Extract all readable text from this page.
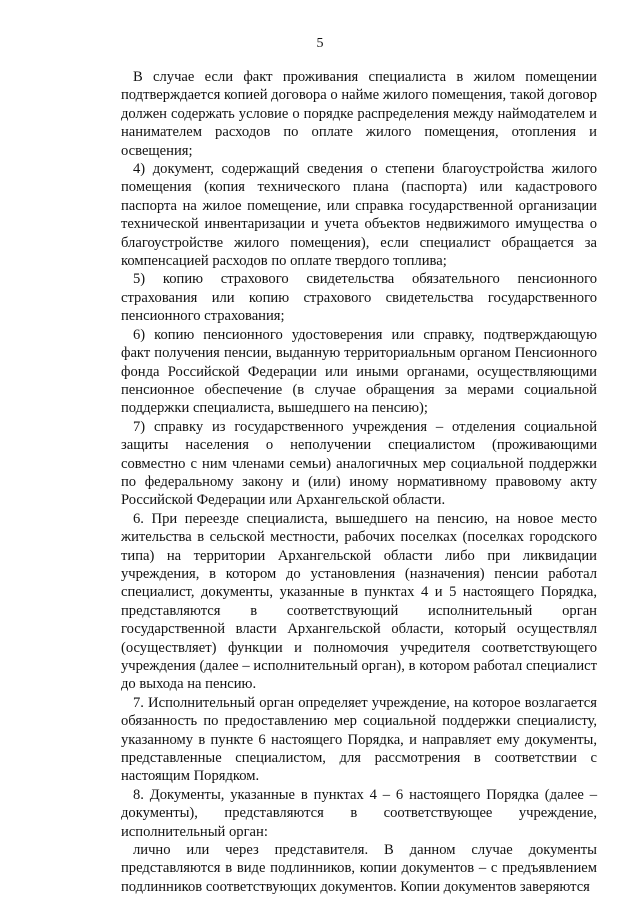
5

В случае если факт проживания специалиста в жилом помещении подтверждается копией договора о найме жилого помещения, такой договор должен содержать условие о порядке распределения между наймодателем и нанимателем расходов по оплате жилого помещения, отопления и освещения;

4) документ, содержащий сведения о степени благоустройства жилого помещения (копия технического плана (паспорта) или кадастрового паспорта на жилое помещение, или справка государственной организации технической инвентаризации и учета объектов недвижимого имущества о благоустройстве жилого помещения), если специалист обращается за компенсацией расходов по оплате твердого топлива;

5) копию страхового свидетельства обязательного пенсионного страхования или копию страхового свидетельства государственного пенсионного страхования;

6) копию пенсионного удостоверения или справку, подтверждающую факт получения пенсии, выданную территориальным органом Пенсионного фонда Российской Федерации или иными органами, осуществляющими пенсионное обеспечение (в случае обращения за мерами социальной поддержки специалиста, вышедшего на пенсию);

7) справку из государственного учреждения – отделения социальной защиты населения о неполучении специалистом (проживающими совместно с ним членами семьи) аналогичных мер социальной поддержки по федеральному закону и (или) иному нормативному правовому акту Российской Федерации или Архангельской области.

6. При переезде специалиста, вышедшего на пенсию, на новое место жительства в сельской местности, рабочих поселках (поселках городского типа) на территории Архангельской области либо при ликвидации учреждения, в котором до установления (назначения) пенсии работал специалист, документы, указанные в пунктах 4 и 5 настоящего Порядка, представляются в соответствующий исполнительный орган государственной власти Архангельской области, который осуществлял (осуществляет) функции и полномочия учредителя соответствующего учреждения (далее – исполнительный орган), в котором работал специалист до выхода на пенсию.

7. Исполнительный орган определяет учреждение, на которое возлагается обязанность по предоставлению мер социальной поддержки специалисту, указанному в пункте 6 настоящего Порядка, и направляет ему документы, представленные специалистом, для рассмотрения в соответствии с настоящим Порядком.

8. Документы, указанные в пунктах 4 – 6 настоящего Порядка (далее – документы), представляются в соответствующее учреждение, исполнительный орган:

лично или через представителя. В данном случае документы представляются в виде подлинников, копии документов – с предъявлением подлинников соответствующих документов. Копии документов заверяются
